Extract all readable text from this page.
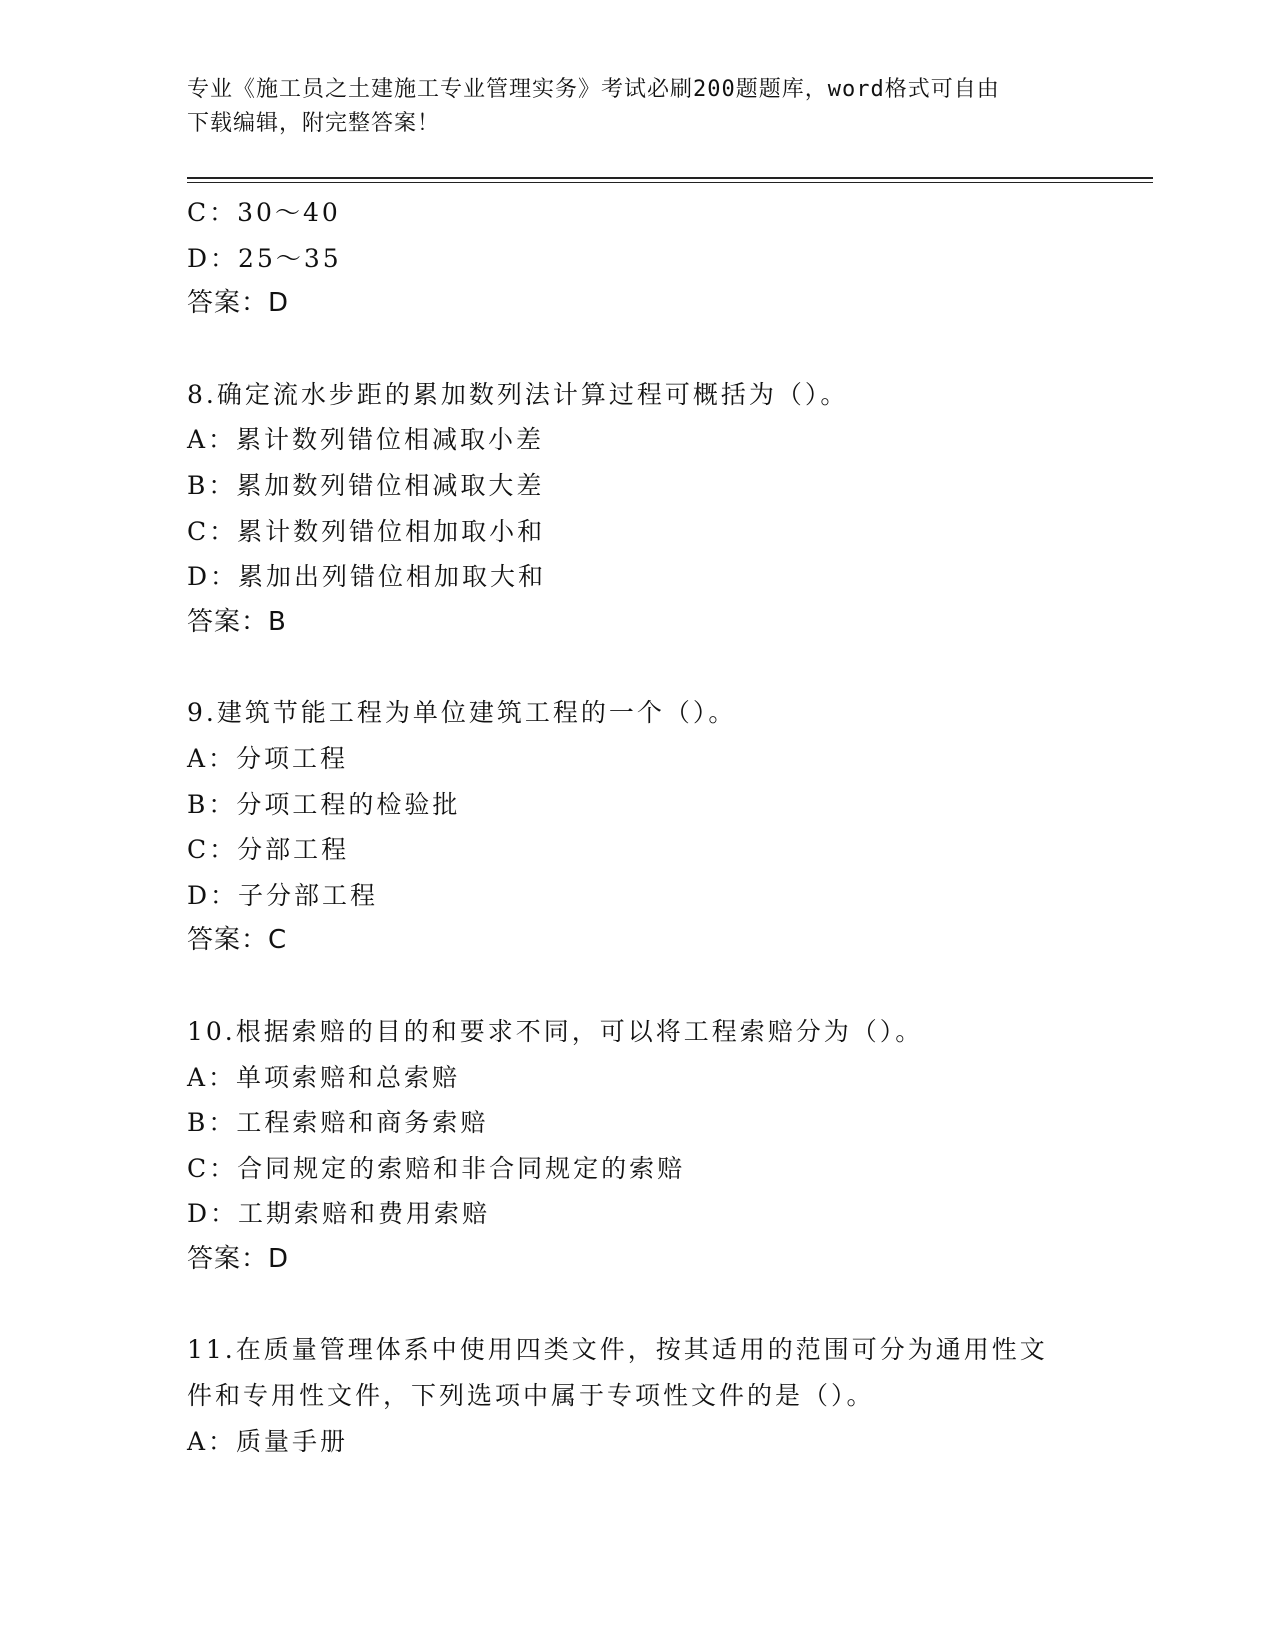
专业《施工员之土建施工专业管理实务》考试必刷200题题库，word格式可自由
下载编辑，附完整答案！
C：30～40
D：25～35
答案：D
8.确定流水步距的累加数列法计算过程可概括为（）。
A：累计数列错位相减取小差
B：累加数列错位相减取大差
C：累计数列错位相加取小和
D：累加出列错位相加取大和
答案：B
9.建筑节能工程为单位建筑工程的一个（）。
A：分项工程
B：分项工程的检验批
C：分部工程
D：子分部工程
答案：C
10.根据索赔的目的和要求不同，可以将工程索赔分为（）。
A：单项索赔和总索赔
B：工程索赔和商务索赔
C：合同规定的索赔和非合同规定的索赔
D：工期索赔和费用索赔
答案：D
11.在质量管理体系中使用四类文件，按其适用的范围可分为通用性文
件和专用性文件，下列选项中属于专项性文件的是（）。
A：质量手册
